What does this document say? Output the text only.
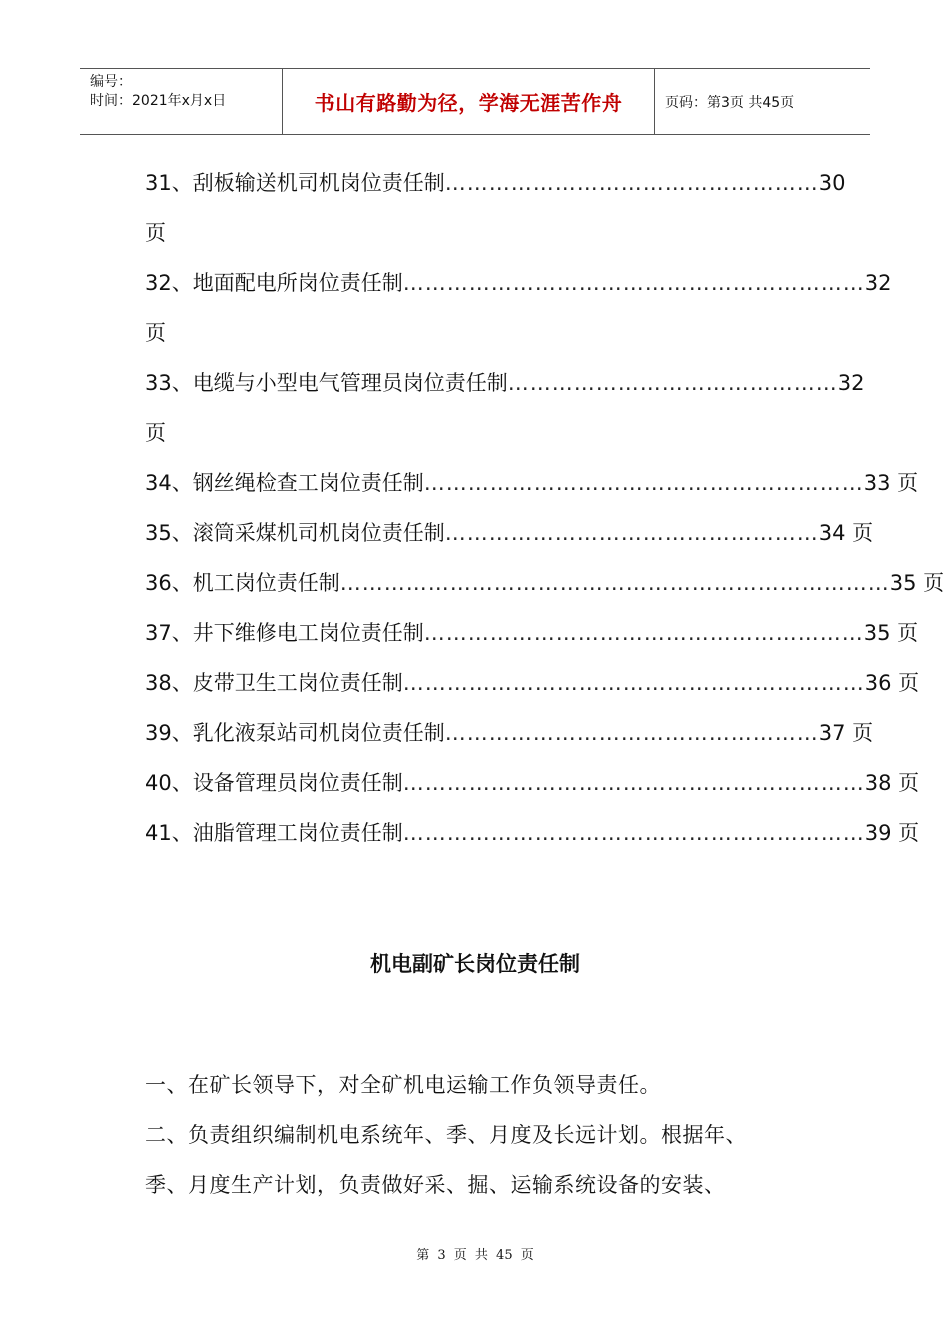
编号：
时间：2021年x月x日	书山有路勤为径，学海无涯苦作舟	页码：第3页 共45页
31、刮板输送机司机岗位责任制 …………………………………………… 30
页
32、地面配电所岗位责任制 ……………………………………………………… 32
页
33、电缆与小型电气管理员岗位责任制 ……………………………………… 32
页
34、钢丝绳检查工岗位责任制 …………………………………………………… 33 页
35、滚筒采煤机司机岗位责任制 …………………………………………… 34 页
36、机工岗位责任制 ………………………………………………………………… 35 页
37、井下维修电工岗位责任制 …………………………………………………… 35 页
38、皮带卫生工岗位责任制 ……………………………………………………… 36 页
39、乳化液泵站司机岗位责任制 …………………………………………… 37 页
40、设备管理员岗位责任制 ……………………………………………………… 38 页
41、油脂管理工岗位责任制 ……………………………………………………… 39 页
机电副矿长岗位责任制

一、在矿长领导下，对全矿机电运输工作负领导责任。

二、负责组织编制机电系统年、季、月度及长远计划。根据年、

季、月度生产计划，负责做好采、掘、运输系统设备的安装、

第 3 页 共 45 页
